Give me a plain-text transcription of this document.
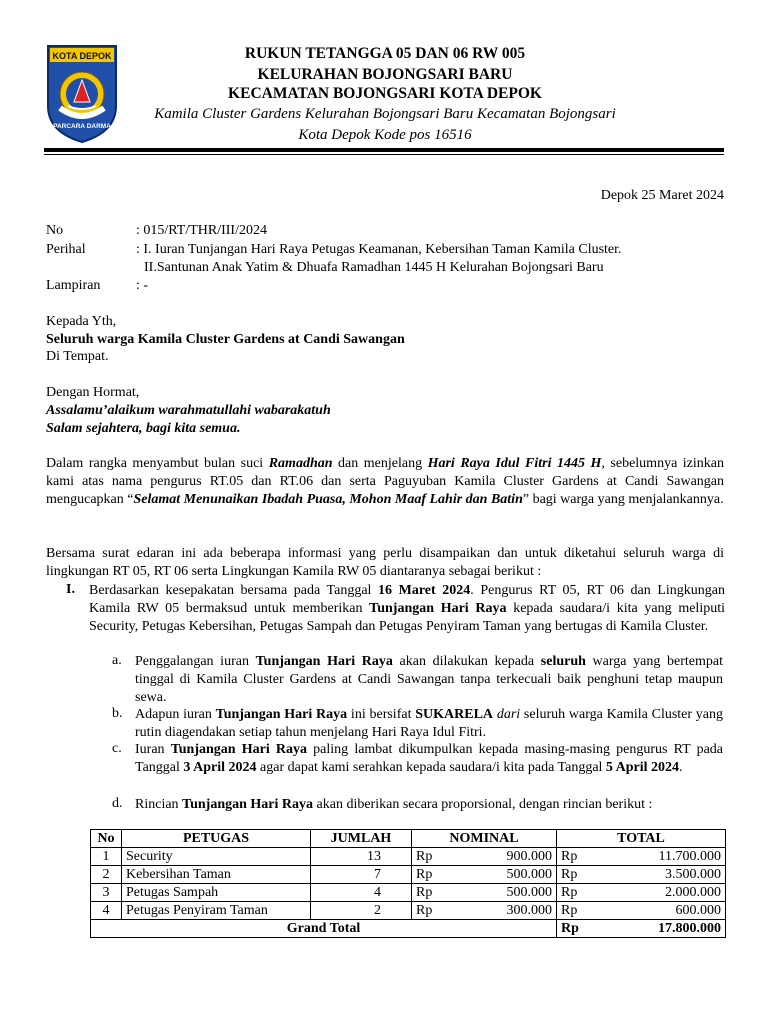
KOTA DEPOK
PARCARA DARMA
RUKUN TETANGGA 05 DAN 06 RW 005
KELURAHAN BOJONGSARI BARU
KECAMATAN BOJONGSARI KOTA DEPOK
Kamila Cluster Gardens Kelurahan Bojongsari Baru Kecamatan Bojongsari
Kota Depok Kode pos 16516
Depok 25 Maret 2024
No	: 015/RT/THR/III/2024
Perihal	: I. Iuran Tunjangan Hari Raya Petugas Keamanan, Kebersihan Taman Kamila Cluster.
II.Santunan Anak Yatim & Dhuafa Ramadhan 1445 H Kelurahan Bojongsari Baru
Lampiran	: -
Kepada Yth,
Seluruh warga Kamila Cluster Gardens at Candi Sawangan
Di Tempat.
Dengan Hormat,
Assalamu’alaikum warahmatullahi wabarakatuh
Salam sejahtera, bagi kita semua.
Dalam rangka menyambut bulan suci Ramadhan dan menjelang Hari Raya Idul Fitri 1445 H, sebelumnya izinkan kami atas nama pengurus RT.05 dan RT.06 dan serta Paguyuban Kamila Cluster Gardens at Candi Sawangan mengucapkan “Selamat Menunaikan Ibadah Puasa, Mohon Maaf Lahir dan Batin” bagi warga yang menjalankannya.
Bersama surat edaran ini ada beberapa informasi yang perlu disampaikan dan untuk diketahui seluruh warga di lingkungan RT 05, RT 06 serta Lingkungan Kamila RW 05 diantaranya sebagai berikut :
I. Berdasarkan kesepakatan bersama pada Tanggal 16 Maret 2024. Pengurus RT 05, RT 06 dan Lingkungan Kamila RW 05 bermaksud untuk memberikan Tunjangan Hari Raya kepada saudara/i kita yang meliputi Security, Petugas Kebersihan, Petugas Sampah dan Petugas Penyiram Taman yang bertugas di Kamila Cluster.
a. Penggalangan iuran Tunjangan Hari Raya akan dilakukan kepada seluruh warga yang bertempat tinggal di Kamila Cluster Gardens at Candi Sawangan tanpa terkecuali baik penghuni tetap maupun sewa.
b. Adapun iuran Tunjangan Hari Raya ini bersifat SUKARELA dari seluruh warga Kamila Cluster yang rutin diagendakan setiap tahun menjelang Hari Raya Idul Fitri.
c. Iuran Tunjangan Hari Raya paling lambat dikumpulkan kepada masing-masing pengurus RT pada Tanggal 3 April 2024 agar dapat kami serahkan kepada saudara/i kita pada Tanggal 5 April 2024.
d. Rincian Tunjangan Hari Raya akan diberikan secara proporsional, dengan rincian berikut :
No	PETUGAS	JUMLAH	NOMINAL		TOTAL	
1	Security	13	Rp	900.000	Rp	11.700.000
2	Kebersihan Taman	7	Rp	500.000	Rp	3.500.000
3	Petugas Sampah	4	Rp	500.000	Rp	2.000.000
4	Petugas Penyiram Taman	2	Rp	300.000	Rp	600.000
Grand Total					Rp	17.800.000
